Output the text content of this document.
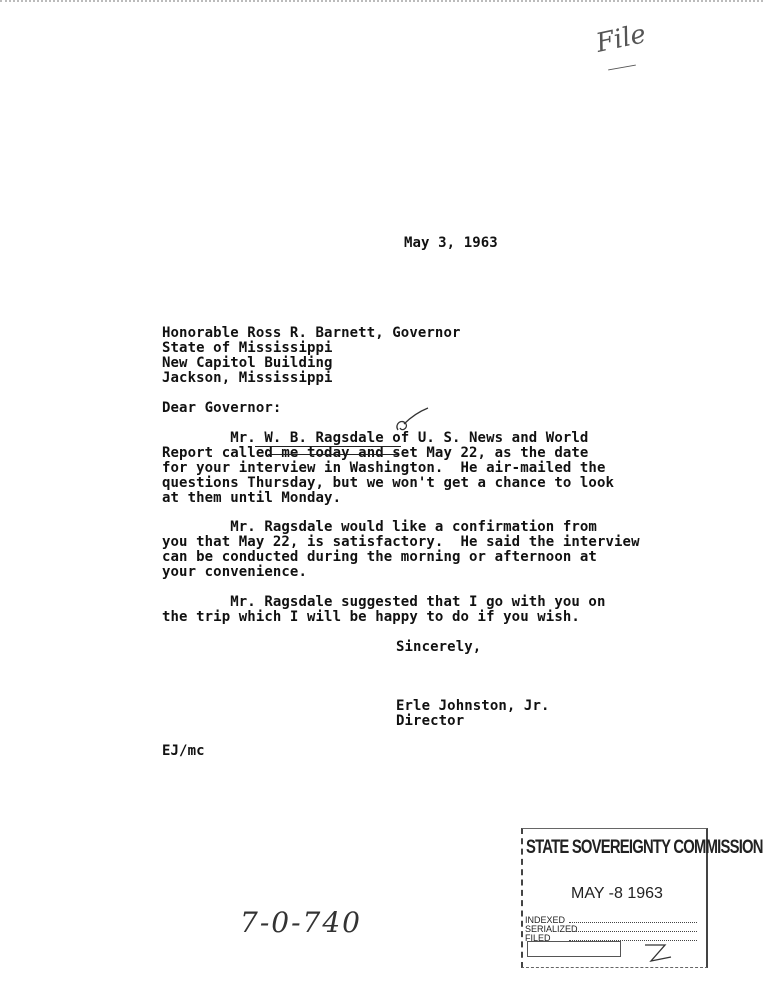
File
May 3, 1963
Honorable Ross R. Barnett, Governor
State of Mississippi
New Capitol Building
Jackson, Mississippi
Dear Governor:
Mr. W. B. Ragsdale of U. S. News and World
Report called me today and set May 22, as the date
for your interview in Washington.  He air-mailed the
questions Thursday, but we won't get a chance to look
at them until Monday.
Mr. Ragsdale would like a confirmation from
you that May 22, is satisfactory.  He said the interview
can be conducted during the morning or afternoon at
your convenience.
Mr. Ragsdale suggested that I go with you on
the trip which I will be happy to do if you wish.
Sincerely,
Erle Johnston, Jr.
Director
EJ/mc
7-0-740
STATE SOVEREIGNTY COMMISSION
MAY -8 1963
INDEXED
SERIALIZED
FILED
